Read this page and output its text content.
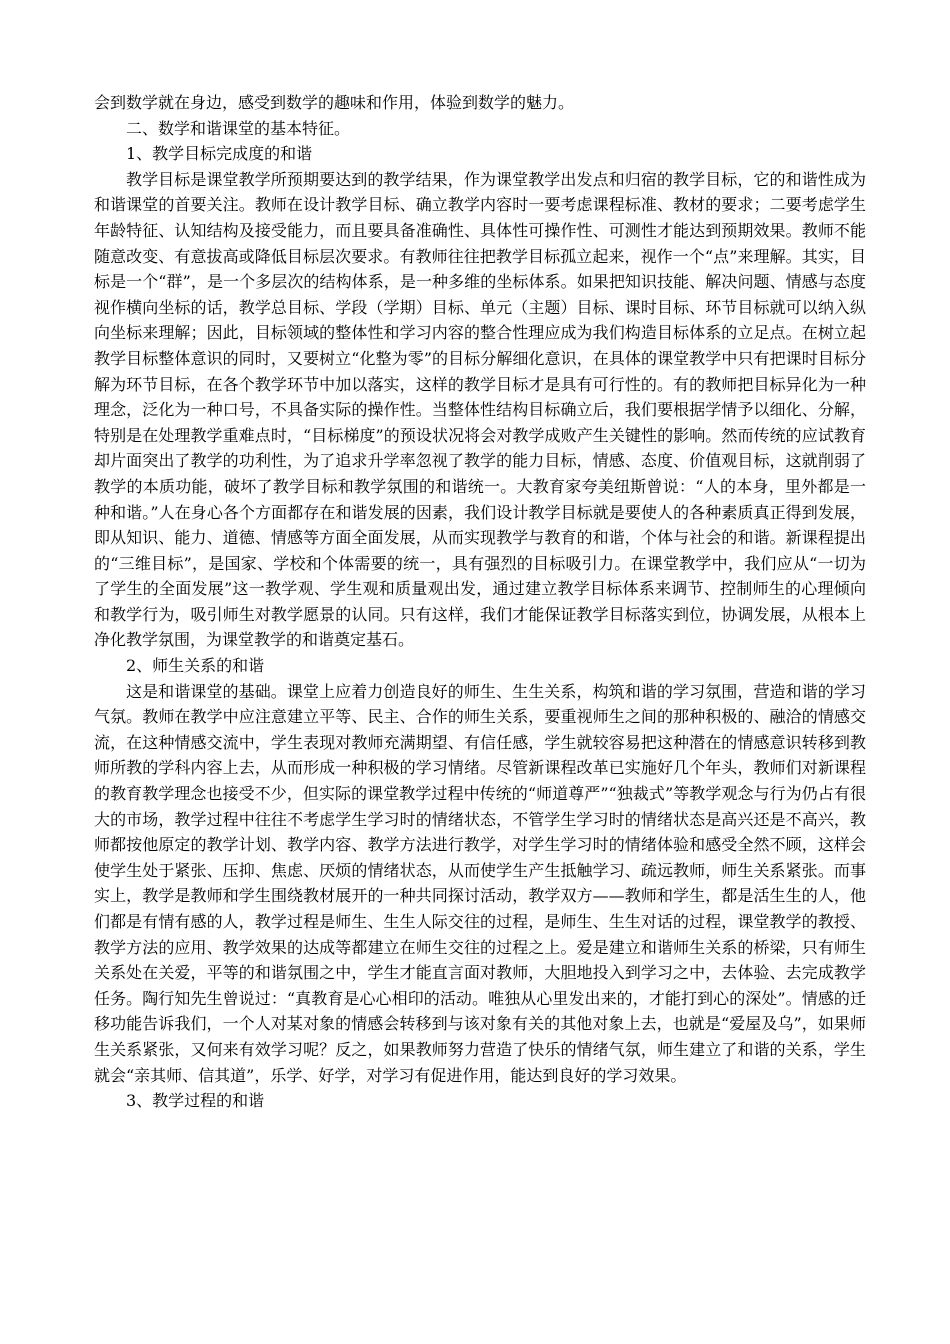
会到数学就在身边，感受到数学的趣味和作用，体验到数学的魅力。

二、数学和谐课堂的基本特征。

1、教学目标完成度的和谐

教学目标是课堂教学所预期要达到的教学结果，作为课堂教学出发点和归宿的教学目标，它的和谐性成为和谐课堂的首要关注。教师在设计教学目标、确立教学内容时一要考虑课程标准、教材的要求；二要考虑学生年龄特征、认知结构及接受能力，而且要具备准确性、具体性可操作性、可测性才能达到预期效果。教师不能随意改变、有意拔高或降低目标层次要求。有教师往往把教学目标孤立起来，视作一个“点”来理解。其实，目标是一个“群”，是一个多层次的结构体系，是一种多维的坐标体系。如果把知识技能、解决问题、情感与态度视作横向坐标的话，教学总目标、学段（学期）目标、单元（主题）目标、课时目标、环节目标就可以纳入纵向坐标来理解；因此，目标领域的整体性和学习内容的整合性理应成为我们构造目标体系的立足点。在树立起教学目标整体意识的同时，又要树立“化整为零”的目标分解细化意识，在具体的课堂教学中只有把课时目标分解为环节目标，在各个教学环节中加以落实，这样的教学目标才是具有可行性的。有的教师把目标异化为一种理念，泛化为一种口号，不具备实际的操作性。当整体性结构目标确立后，我们要根据学情予以细化、分解，特别是在处理教学重难点时，“目标梯度”的预设状况将会对教学成败产生关键性的影响。然而传统的应试教育却片面突出了教学的功利性，为了追求升学率忽视了教学的能力目标，情感、态度、价值观目标，这就削弱了教学的本质功能，破坏了教学目标和教学氛围的和谐统一。大教育家夸美纽斯曾说：“人的本身，里外都是一种和谐。”人在身心各个方面都存在和谐发展的因素，我们设计教学目标就是要使人的各种素质真正得到发展，即从知识、能力、道德、情感等方面全面发展，从而实现教学与教育的和谐，个体与社会的和谐。新课程提出的“三维目标”，是国家、学校和个体需要的统一，具有强烈的目标吸引力。在课堂教学中，我们应从“一切为了学生的全面发展”这一教学观、学生观和质量观出发，通过建立教学目标体系来调节、控制师生的心理倾向和教学行为，吸引师生对教学愿景的认同。只有这样，我们才能保证教学目标落实到位，协调发展，从根本上净化教学氛围，为课堂教学的和谐奠定基石。

2、师生关系的和谐

这是和谐课堂的基础。课堂上应着力创造良好的师生、生生关系，构筑和谐的学习氛围，营造和谐的学习气氛。教师在教学中应注意建立平等、民主、合作的师生关系，要重视师生之间的那种积极的、融洽的情感交流，在这种情感交流中，学生表现对教师充满期望、有信任感，学生就较容易把这种潜在的情感意识转移到教师所教的学科内容上去，从而形成一种积极的学习情绪。尽管新课程改革已实施好几个年头，教师们对新课程的教育教学理念也接受不少，但实际的课堂教学过程中传统的“师道尊严”“独裁式”等教学观念与行为仍占有很大的市场，教学过程中往往不考虑学生学习时的情绪状态，不管学生学习时的情绪状态是高兴还是不高兴，教师都按他原定的教学计划、教学内容、教学方法进行教学，对学生学习时的情绪体验和感受全然不顾，这样会使学生处于紧张、压抑、焦虑、厌烦的情绪状态，从而使学生产生抵触学习、疏远教师，师生关系紧张。而事实上，教学是教师和学生围绕教材展开的一种共同探讨活动，教学双方——教师和学生，都是活生生的人，他们都是有情有感的人，教学过程是师生、生生人际交往的过程，是师生、生生对话的过程，课堂教学的教授、教学方法的应用、教学效果的达成等都建立在师生交往的过程之上。爱是建立和谐师生关系的桥梁，只有师生关系处在关爱，平等的和谐氛围之中，学生才能直言面对教师，大胆地投入到学习之中，去体验、去完成教学任务。陶行知先生曾说过：“真教育是心心相印的活动。唯独从心里发出来的，才能打到心的深处”。情感的迁移功能告诉我们，一个人对某对象的情感会转移到与该对象有关的其他对象上去，也就是“爱屋及乌”，如果师生关系紧张，又何来有效学习呢？反之，如果教师努力营造了快乐的情绪气氛，师生建立了和谐的关系，学生就会“亲其师、信其道”，乐学、好学，对学习有促进作用，能达到良好的学习效果。

3、教学过程的和谐
